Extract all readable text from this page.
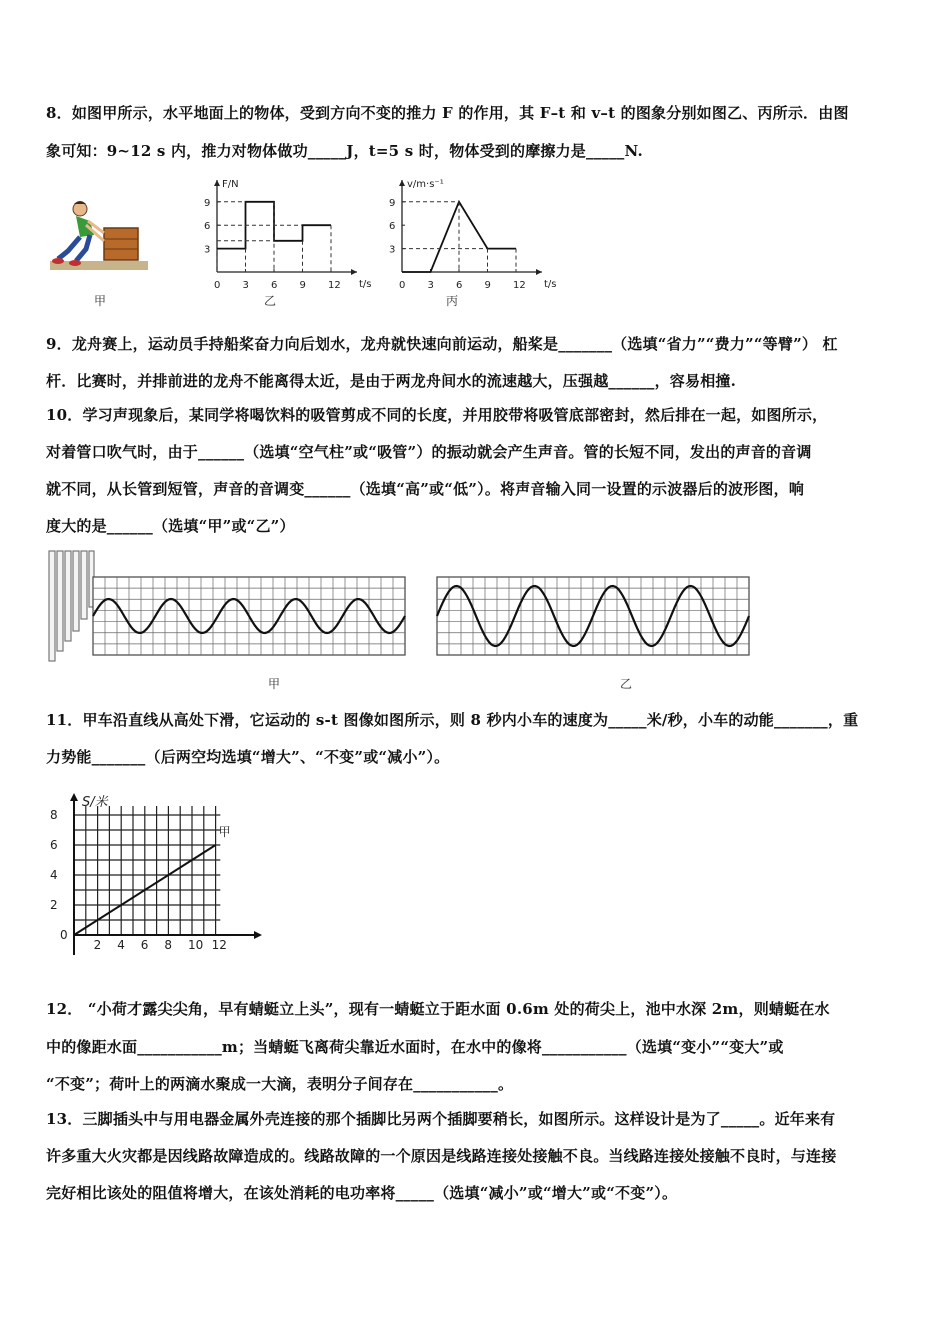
8．如图甲所示，水平地面上的物体，受到方向不变的推力 F 的作用，其 F–t 和 v–t 的图象分别如图乙、丙所示．由图
象可知：9~12 s 内，推力对物体做功_____J，t=5 s 时，物体受到的摩擦力是_____N.
甲
F/N
t/s
0 3 6 9 12
3
6
9
乙
v/m·s⁻¹
t/s
0 3 6 9 12
3
6
9
丙
9．龙舟赛上，运动员手持船桨奋力向后划水，龙舟就快速向前运动，船桨是_______（选填“省力”“费力”“等臂”） 杠
杆．比赛时，并排前进的龙舟不能离得太近，是由于两龙舟间水的流速越大，压强越______，容易相撞.
10．学习声现象后，某同学将喝饮料的吸管剪成不同的长度，并用胶带将吸管底部密封，然后排在一起，如图所示，
对着管口吹气时，由于______（选填“空气柱”或“吸管”）的振动就会产生声音。管的长短不同，发出的声音的音调
就不同，从长管到短管，声音的音调变______（选填“高”或“低”）。将声音输入同一设置的示波器后的波形图，响
度大的是______（选填“甲”或“乙”）
甲	乙
11．甲车沿直线从高处下滑，它运动的 s-t 图像如图所示，则 8 秒内小车的速度为_____米/秒，小车的动能_______，重
力势能_______（后两空均选填“增大”、“不变”或“减小”）。
S/米
2 4 6 8 10 12
0
2
4
6
8
甲
12． “小荷才露尖尖角，早有蜻蜓立上头”，现有一蜻蜓立于距水面 0.6m 处的荷尖上，池中水深 2m，则蜻蜓在水
中的像距水面___________m；当蜻蜓飞离荷尖靠近水面时，在水中的像将___________（选填“变小”“变大”或
“不变”；荷叶上的两滴水聚成一大滴，表明分子间存在___________。
13．三脚插头中与用电器金属外壳连接的那个插脚比另两个插脚要稍长，如图所示。这样设计是为了_____。近年来有
许多重大火灾都是因线路故障造成的。线路故障的一个原因是线路连接处接触不良。当线路连接处接触不良时，与连接
完好相比该处的阻值将增大，在该处消耗的电功率将_____（选填“减小”或“增大”或“不变”）。
